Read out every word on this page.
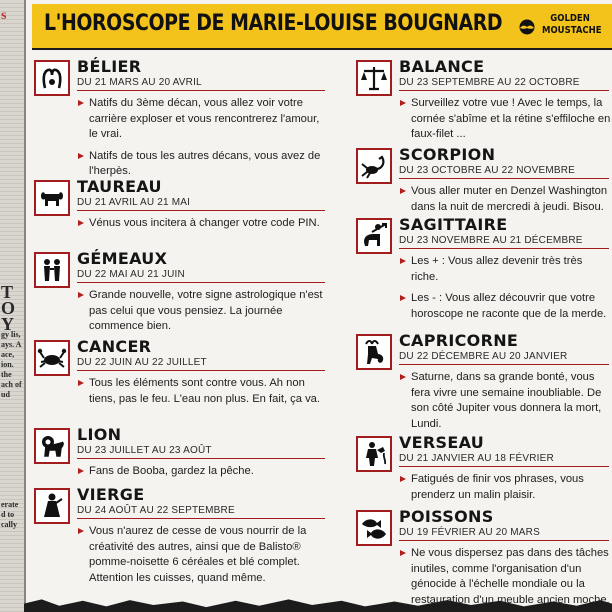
s
TO Y
gy lis, ays. A ace, ion. the ach of ud
erate d to cally
L'HOROSCOPE DE MARIE-LOUISE BOUGNARD	GOLDEN
MOUSTACHE
BÉLIER
DU 21 MARS AU 20 AVRIL
Natifs du 3ème décan, vous allez voir votre carrière exploser et vous rencontrerez l'amour, le vrai.
Natifs de tous les autres décans, vous avez de l'herpès.
TAUREAU
DU 21 AVRIL AU 21 MAI
Vénus vous incitera à changer votre code PIN.
GÉMEAUX
DU 22 MAI AU 21 JUIN
Grande nouvelle, votre signe astrologique n'est pas celui que vous pensiez. La journée commence bien.
CANCER
DU 22 JUIN AU 22 JUILLET
Tous les éléments sont contre vous. Ah non tiens, pas le feu. L'eau non plus. En fait, ça va.
LION
DU 23 JUILLET AU 23 AOÛT
Fans de Booba, gardez la pêche.
VIERGE
DU 24 AOÛT AU 22 SEPTEMBRE
Vous n'aurez de cesse de vous nourrir de la créativité des autres, ainsi que de Balisto® pomme-noisette 6 céréales et blé complet. Attention les cuisses, quand même.
BALANCE
DU 23 SEPTEMBRE AU 22 OCTOBRE
Surveillez votre vue ! Avec le temps, la cornée s'abîme et la rétine s'effiloche en faux-filet ...
SCORPION
DU 23 OCTOBRE AU 22 NOVEMBRE
Vous aller muter en Denzel Washington dans la nuit de mercredi à jeudi. Bisou.
SAGITTAIRE
DU 23 NOVEMBRE AU 21 DÉCEMBRE
Les + : Vous allez devenir très très riche.
Les - : Vous allez découvrir que votre horoscope ne raconte que de la merde.
CAPRICORNE
DU 22 DÉCEMBRE AU 20 JANVIER
Saturne, dans sa grande bonté, vous fera vivre une semaine inoubliable. De son côté Jupiter vous donnera la mort, Lundi.
VERSEAU
DU 21 JANVIER AU 18 FÉVRIER
Fatigués de finir vos phrases, vous prenderz un malin plaisir.
POISSONS
DU 19 FÉVRIER AU 20 MARS
Ne vous dispersez pas dans des tâches inutiles, comme l'organisation d'un génocide à l'échelle mondiale ou la restauration d'un meuble ancien moche.
